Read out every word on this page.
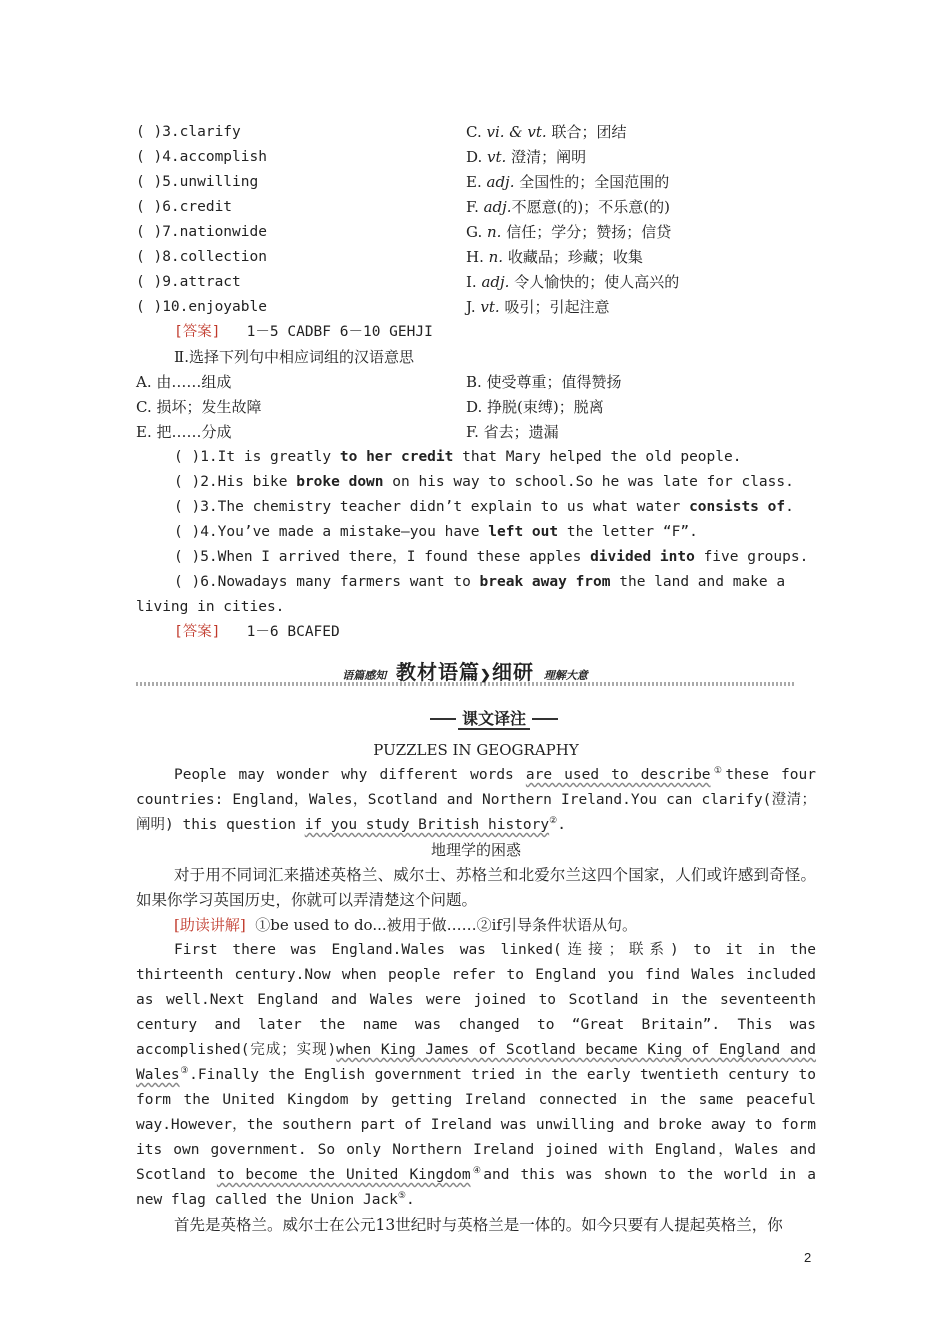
( )3.clarify	C. vi. & vt. 联合；团结
( )4.accomplish	D. vt. 澄清；阐明
( )5.unwilling	E. adj. 全国性的；全国范围的
( )6.credit	F. adj.不愿意(的)；不乐意(的)
( )7.nationwide	G. n. 信任；学分；赞扬；信贷
( )8.collection	H. n. 收藏品；珍藏；收集
( )9.attract	I. adj. 令人愉快的；使人高兴的
( )10.enjoyable	J. vt. 吸引；引起注意
[答案] 1－5 CADBF 6－10 GEHJI
Ⅱ.选择下列句中相应词组的汉语意思
A. 由……组成	B. 使受尊重；值得赞扬
C. 损坏；发生故障	D. 挣脱(束缚)；脱离
E. 把……分成	F. 省去；遗漏
( )1.It is greatly to her credit that Mary helped the old people.
( )2.His bike broke down on his way to school.So he was late for class.
( )3.The chemistry teacher didn’t explain to us what water consists of.
( )4.You’ve made a mistake—you have left out the letter “F”.
( )5.When I arrived there，I found these apples divided into five groups.
( )6.Nowadays many farmers want to break away from the land and make a
living in cities.
[答案] 1－6 BCAFED
语篇感知 教材语篇❯细研 理解大意
课文译注
PUZZLES IN GEOGRAPHY
People may wonder why different words are used to describe①these four countries: England，Wales，Scotland and Northern Ireland.You can clarify(澄清；阐明) this question if you study British history②.
地理学的困惑
对于用不同词汇来描述英格兰、威尔士、苏格兰和北爱尔兰这四个国家，人们或许感到奇怪。如果你学习英国历史，你就可以弄清楚这个问题。
[助读讲解] ①be used to do...被用于做……②if引导条件状语从句。
First there was England.Wales was linked(连接；联系) to it in the thirteenth century.Now when people refer to England you find Wales included as well.Next England and Wales were joined to Scotland in the seventeenth century and later the name was changed to “Great Britain”. This was accomplished(完成；实现)when King James of Scotland became King of England and Wales③.Finally the English government tried in the early twentieth century to form the United Kingdom by getting Ireland connected in the same peaceful way.However，the southern part of Ireland was unwilling and broke away to form its own government. So only Northern Ireland joined with England，Wales and Scotland to become the United Kingdom④and this was shown to the world in a new flag called the Union Jack⑤.
首先是英格兰。威尔士在公元13世纪时与英格兰是一体的。如今只要有人提起英格兰，你
2
